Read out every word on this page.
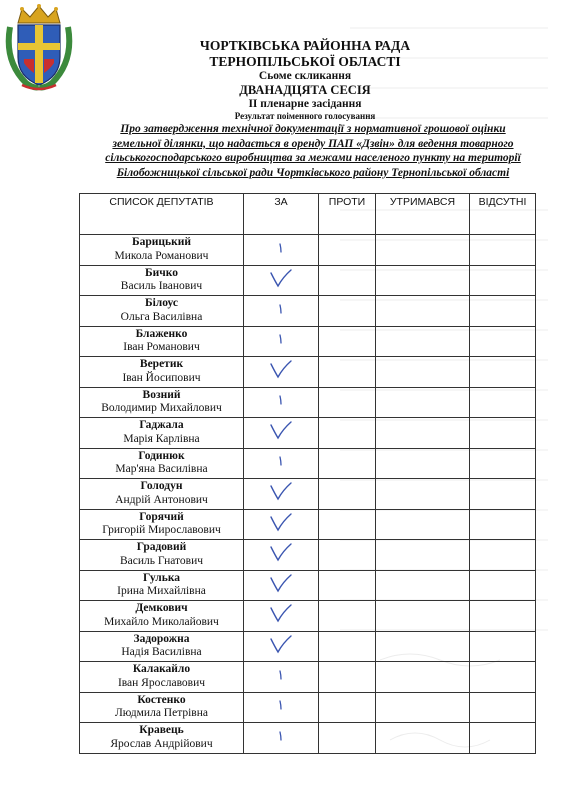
ЧОРТКІВСЬКА РАЙОННА РАДА
ТЕРНОПІЛЬСЬКОЇ ОБЛАСТІ
Сьоме скликання
ДВАНАДЦЯТА СЕСІЯ
ІІ пленарне засідання
Результат поіменного голосування
Про затвердження технічної документації з нормативної грошової оцінки земельної ділянки, що надається в оренду ПАП «Дзвін» для ведення товарного сільськогосподарського виробництва за межами населеного пункту на території Білобожницької сільської ради Чортківського району Тернопільської області
СПИСОК ДЕПУТАТІВ	ЗА	ПРОТИ	УТРИМАВСЯ	ВІДСУТНІ

Барицький
Микола Романович

Бичко
Василь Іванович

Білоус
Ольга Василівна

Блаженко
Іван Романович

Веретик
Іван Йосипович

Возний
Володимир Михайлович

Гаджала
Марія Карлівна

Годинюк
Мар'яна Василівна

Голодун
Андрій Антонович

Горячий
Григорій Мирославович

Градовий
Василь Гнатович

Гулька
Ірина Михайлівна

Демкович
Михайло Миколайович

Задорожна
Надія Василівна

Калакайло
Іван Ярославович

Костенко
Людмила Петрівна

Кравець
Ярослав Андрійович
